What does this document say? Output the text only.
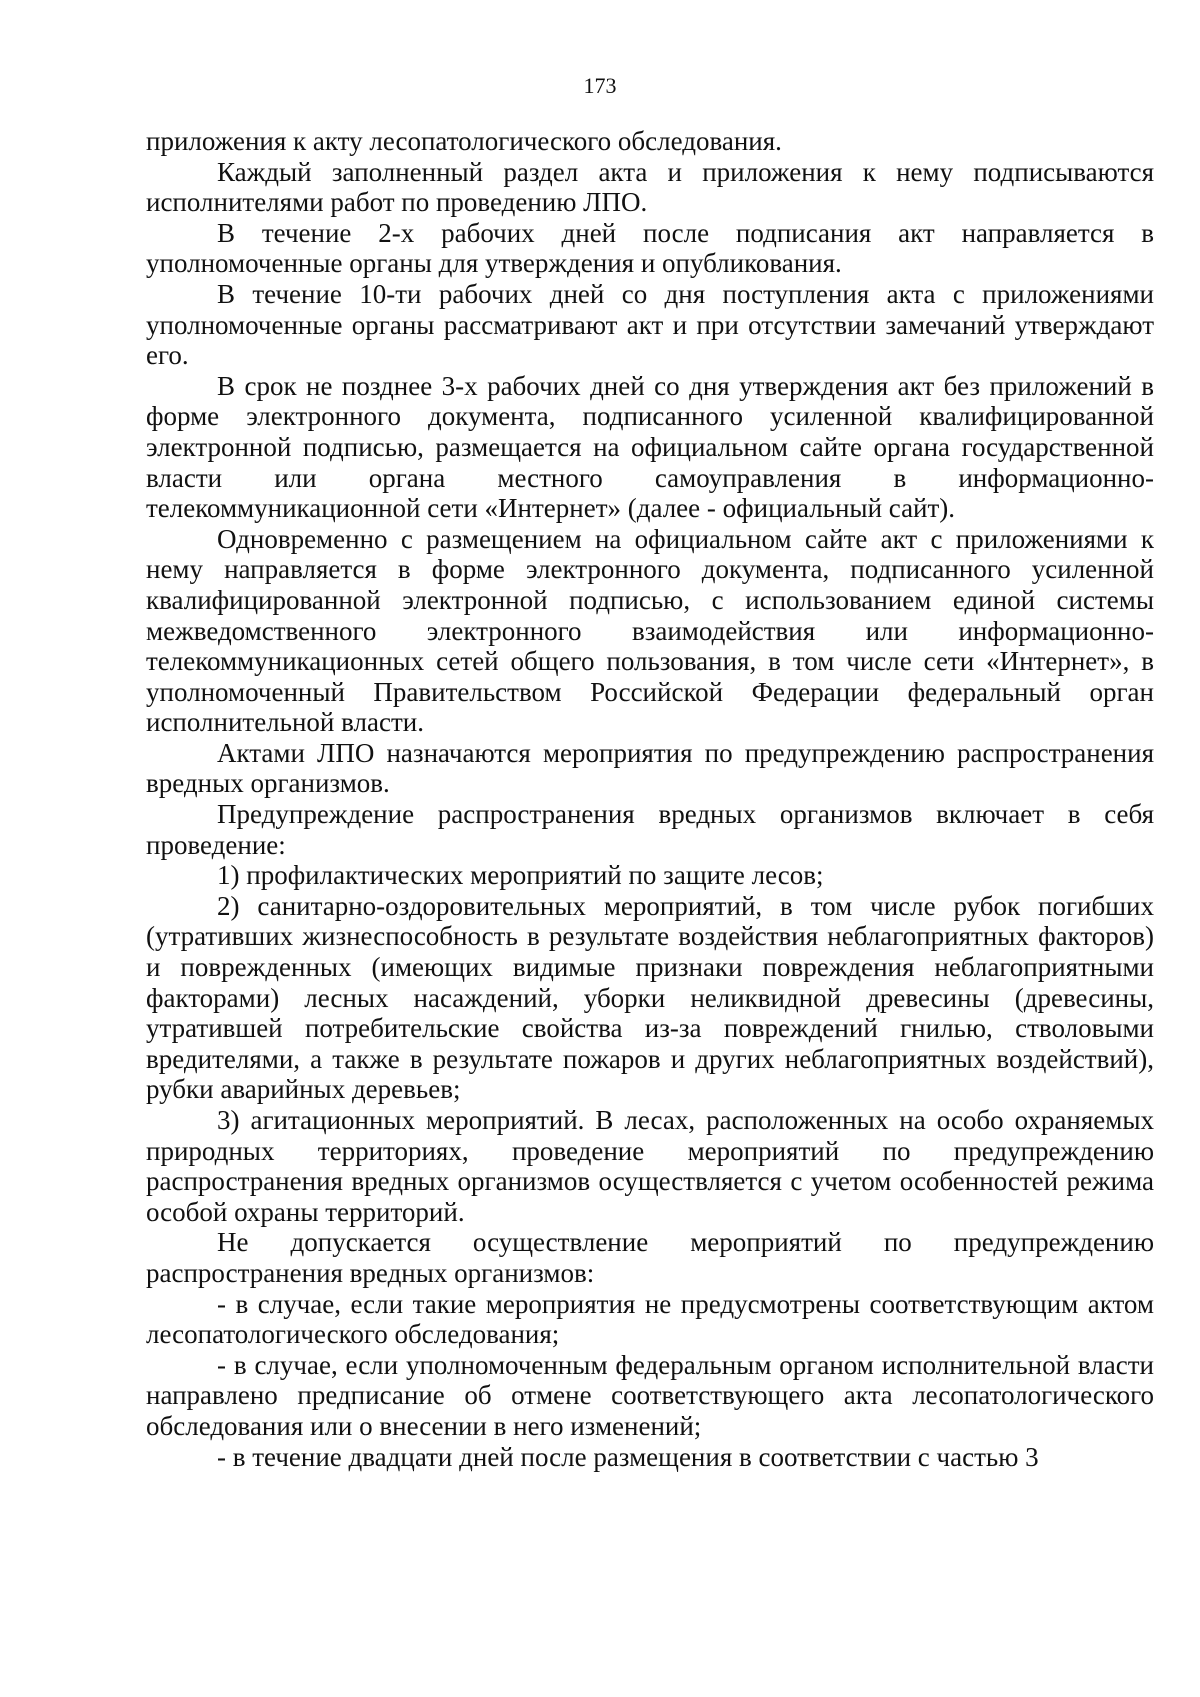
173

приложения к акту лесопатологического обследования.

Каждый заполненный раздел акта и приложения к нему подписываются исполнителями работ по проведению ЛПО.

В течение 2-х рабочих дней после подписания акт направляется в уполномоченные органы для утверждения и опубликования.

В течение 10-ти рабочих дней со дня поступления акта с приложениями уполномоченные органы рассматривают акт и при отсутствии замечаний утверждают его.

В срок не позднее 3-х рабочих дней со дня утверждения акт без приложений в форме электронного документа, подписанного усиленной квалифицированной электронной подписью, размещается на официальном сайте органа государственной власти или органа местного самоуправления в информационно-телекоммуникационной сети «Интернет» (далее - официальный сайт).

Одновременно с размещением на официальном сайте акт с приложениями к нему направляется в форме электронного документа, подписанного усиленной квалифицированной электронной подписью, с использованием единой системы межведомственного электронного взаимодействия или информационно-телекоммуникационных сетей общего пользования, в том числе сети «Интернет», в уполномоченный Правительством Российской Федерации федеральный орган исполнительной власти.

Актами ЛПО назначаются мероприятия по предупреждению распространения вредных организмов.

Предупреждение распространения вредных организмов включает в себя проведение:

1) профилактических мероприятий по защите лесов;

2) санитарно-оздоровительных мероприятий, в том числе рубок погибших (утративших жизнеспособность в результате воздействия неблагоприятных факторов) и поврежденных (имеющих видимые признаки повреждения неблагоприятными факторами) лесных насаждений, уборки неликвидной древесины (древесины, утратившей потребительские свойства из-за повреждений гнилью, стволовыми вредителями, а также в результате пожаров и других неблагоприятных воздействий), рубки аварийных деревьев;

3) агитационных мероприятий. В лесах, расположенных на особо охраняемых природных территориях, проведение мероприятий по предупреждению распространения вредных организмов осуществляется с учетом особенностей режима особой охраны территорий.

Не допускается осуществление мероприятий по предупреждению распространения вредных организмов:

- в случае, если такие мероприятия не предусмотрены соответствующим актом лесопатологического обследования;

- в случае, если уполномоченным федеральным органом исполнительной власти направлено предписание об отмене соответствующего акта лесопатологического обследования или о внесении в него изменений;

- в течение двадцати дней после размещения в соответствии с частью 3
